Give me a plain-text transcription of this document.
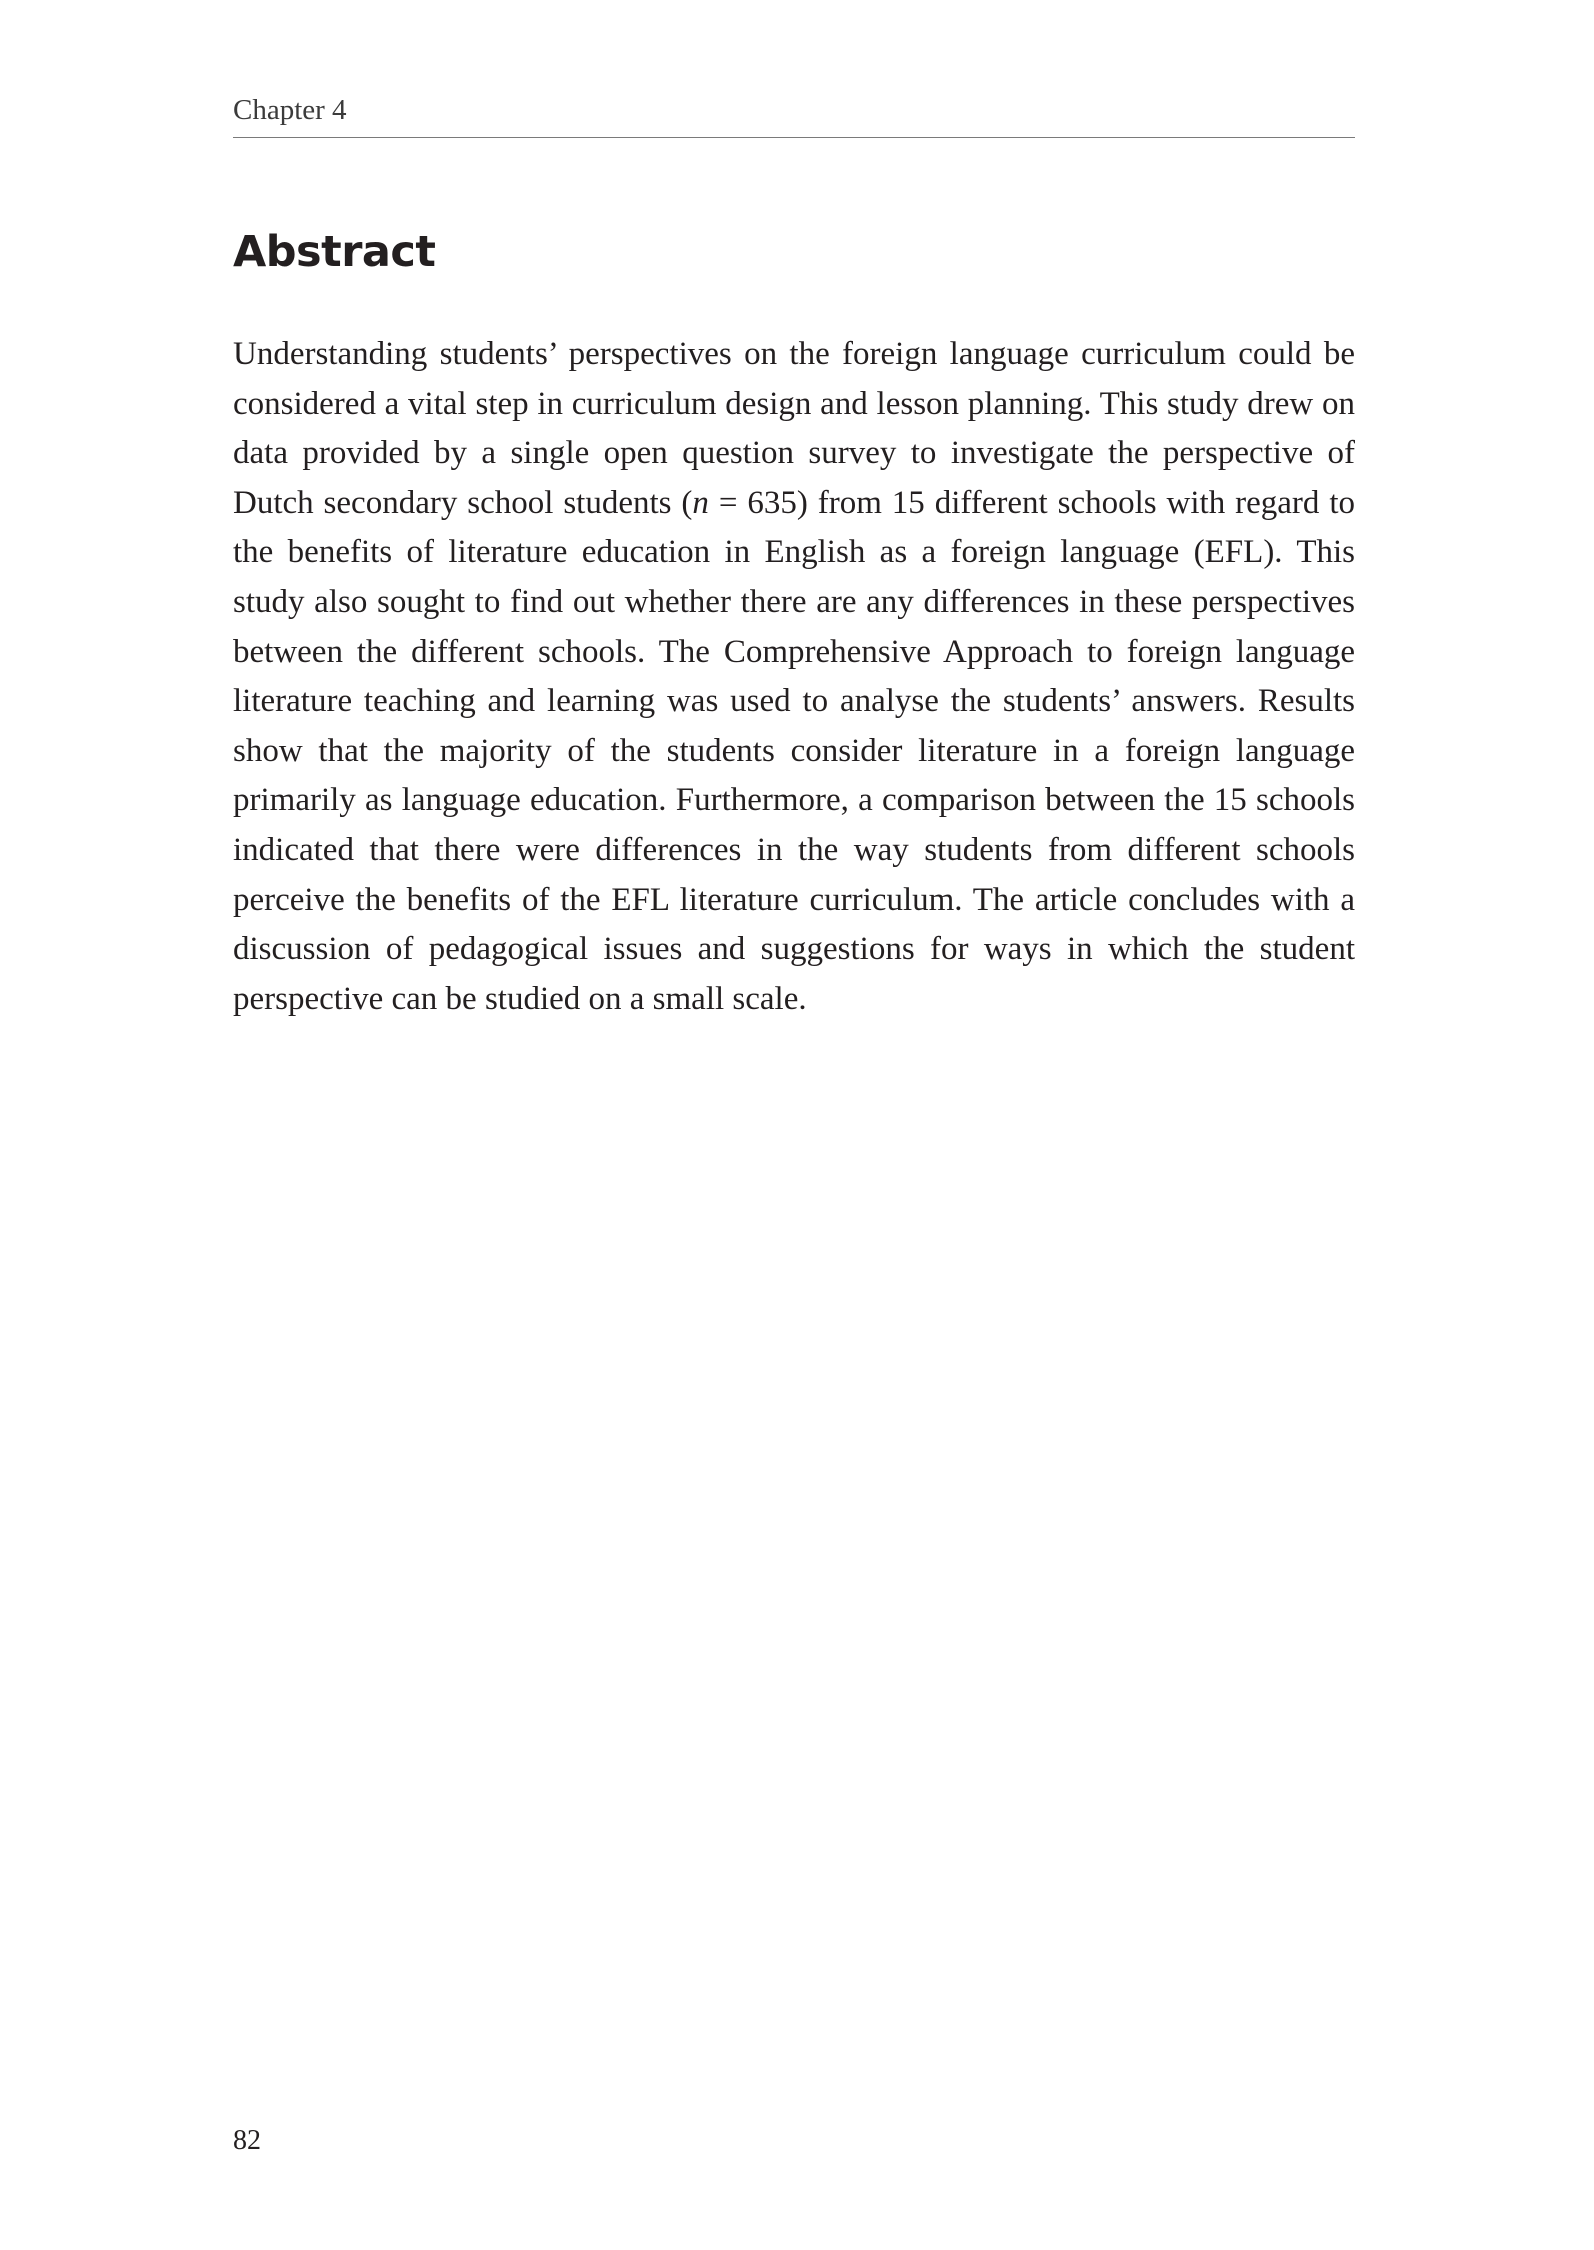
Chapter 4
Abstract

Understanding students’ perspectives on the foreign language curriculum could be considered a vital step in curriculum design and lesson planning. This study drew on data provided by a single open question survey to investigate the perspective of Dutch secondary school students (n = 635) from 15 different schools with regard to the benefits of literature education in English as a foreign language (EFL). This study also sought to find out whether there are any differences in these perspectives between the different schools. The Comprehensive Approach to foreign language literature teaching and learning was used to analyse the students’ answers. Results show that the majority of the students consider literature in a foreign language primarily as language education. Furthermore, a comparison between the 15 schools indicated that there were differences in the way students from different schools perceive the benefits of the EFL literature curriculum. The article concludes with a discussion of pedagogical issues and suggestions for ways in which the student perspective can be studied on a small scale.

82
